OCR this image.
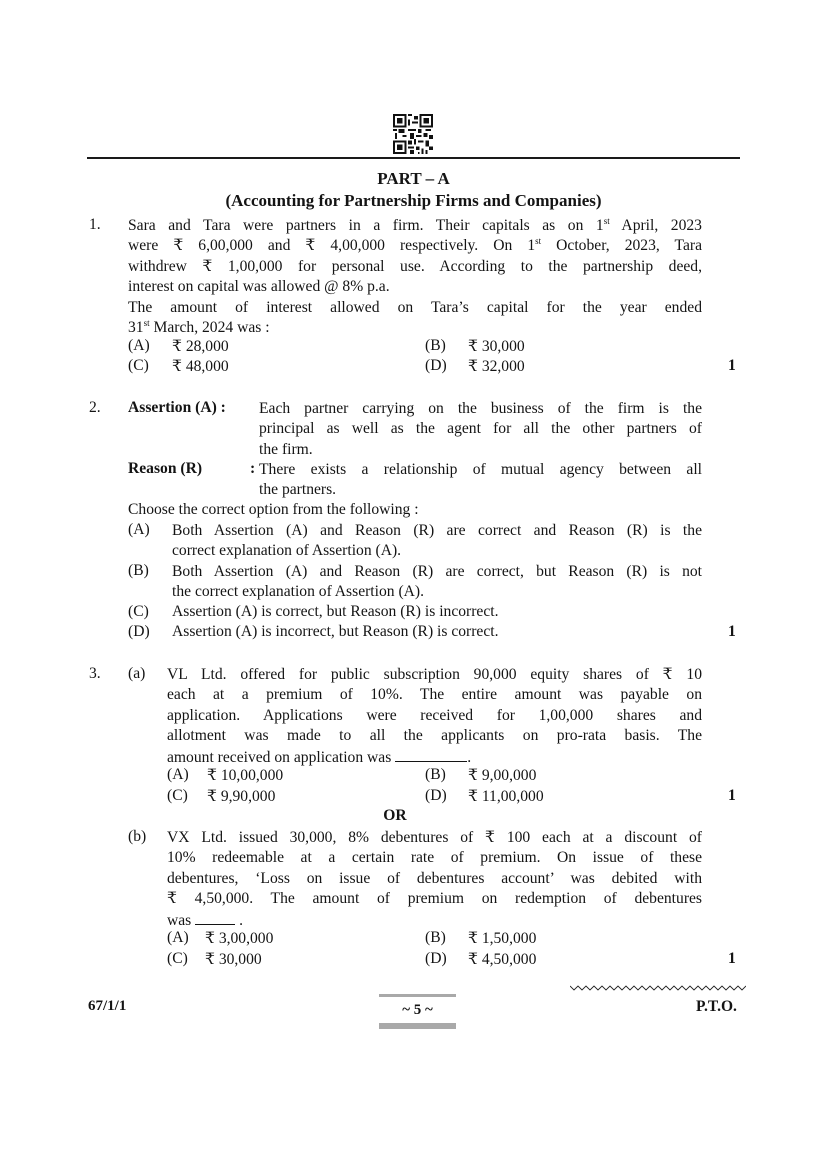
PART – A
(Accounting for Partnership Firms and Companies)
1. Sara and Tara were partners in a firm. Their capitals as on 1st April, 2023
were ₹ 6,00,000 and ₹ 4,00,000 respectively. On 1st October, 2023, Tara
withdrew ₹ 1,00,000 for personal use. According to the partnership deed,
interest on capital was allowed @ 8% p.a.
The amount of interest allowed on Tara’s capital for the year ended
31st March, 2024 was :
(A) ₹ 28,000	(B) ₹ 30,000
(C) ₹ 48,000	(D) ₹ 32,000	1
2. Assertion (A) : Each partner carrying on the business of the firm is the
principal as well as the agent for all the other partners of
the firm.
Reason (R)	: There exists a relationship of mutual agency between all
the partners.
Choose the correct option from the following :
(A) Both Assertion (A) and Reason (R) are correct and Reason (R) is the
correct explanation of Assertion (A).
(B) Both Assertion (A) and Reason (R) are correct, but Reason (R) is not
the correct explanation of Assertion (A).
(C) Assertion (A) is correct, but Reason (R) is incorrect.
(D) Assertion (A) is incorrect, but Reason (R) is correct.	1
3. (a) VL Ltd. offered for public subscription 90,000 equity shares of ₹ 10
each at a premium of 10%. The entire amount was payable on
application. Applications were received for 1,00,000 shares and
allotment was made to all the applicants on pro-rata basis. The
amount received on application was	.
(A) ₹ 10,00,000	(B) ₹ 9,00,000
(C) ₹ 9,90,000	(D) ₹ 11,00,000	1
OR
(b) VX Ltd. issued 30,000, 8% debentures of ₹ 100 each at a discount of
10% redeemable at a certain rate of premium. On issue of these
debentures, ‘Loss on issue of debentures account’ was debited with
₹ 4,50,000. The amount of premium on redemption of debentures
was	.
(A) ₹ 3,00,000	(B) ₹ 1,50,000
(C) ₹ 30,000	(D) ₹ 4,50,000	1
67/1/1	~ 5 ~	P.T.O.
